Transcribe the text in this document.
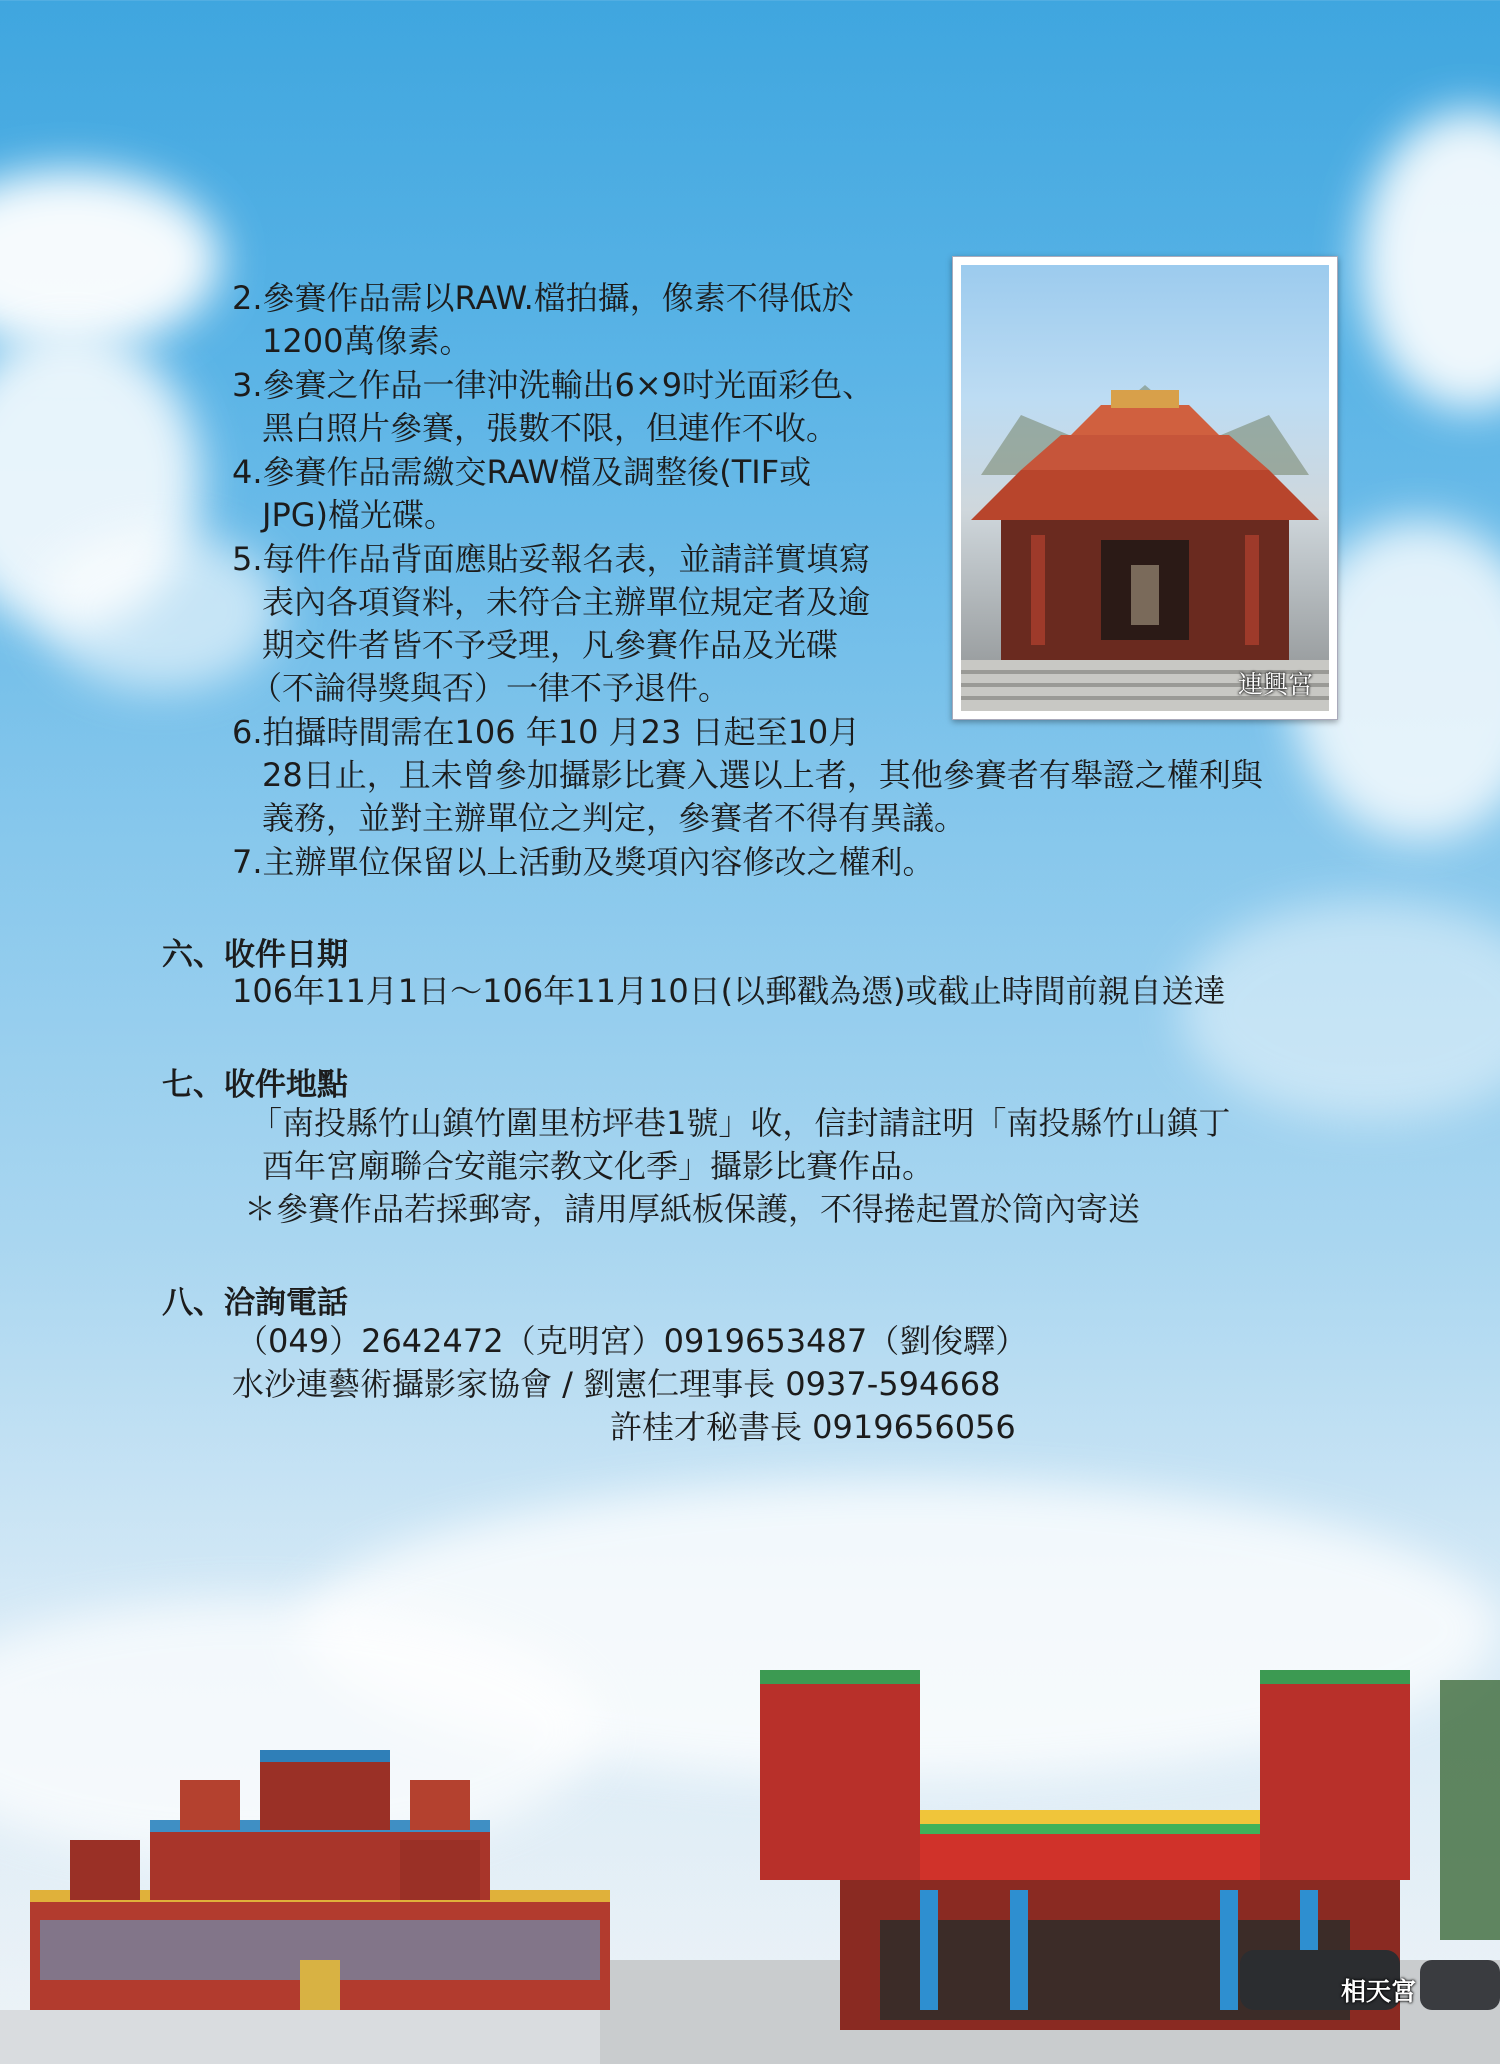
連興宮
2.參賽作品需以RAW.檔拍攝，像素不得低於
1200萬像素。
3.參賽之作品一律沖洗輸出6×9吋光面彩色、
黑白照片參賽，張數不限，但連作不收。
4.參賽作品需繳交RAW檔及調整後(TIF或
JPG)檔光碟。
5.每件作品背面應貼妥報名表，並請詳實填寫
表內各項資料，未符合主辦單位規定者及逾
期交件者皆不予受理，凡參賽作品及光碟
（不論得獎與否）一律不予退件。
6.拍攝時間需在106 年10 月23 日起至10月
28日止，且未曾參加攝影比賽入選以上者，其他參賽者有舉證之權利與
義務，並對主辦單位之判定，參賽者不得有異議。
7.主辦單位保留以上活動及獎項內容修改之權利。
六、收件日期
106年11月1日～106年11月10日(以郵戳為憑)或截止時間前親自送達
七、收件地點
「南投縣竹山鎮竹圍里枋坪巷1號」收，信封請註明「南投縣竹山鎮丁
酉年宮廟聯合安龍宗教文化季」攝影比賽作品。
＊參賽作品若採郵寄，請用厚紙板保護，不得捲起置於筒內寄送
八、洽詢電話
（049）2642472（克明宮）0919653487（劉俊驛）
水沙連藝術攝影家協會 / 劉憲仁理事長 0937-594668
許桂才秘書長 0919656056
相天宮
